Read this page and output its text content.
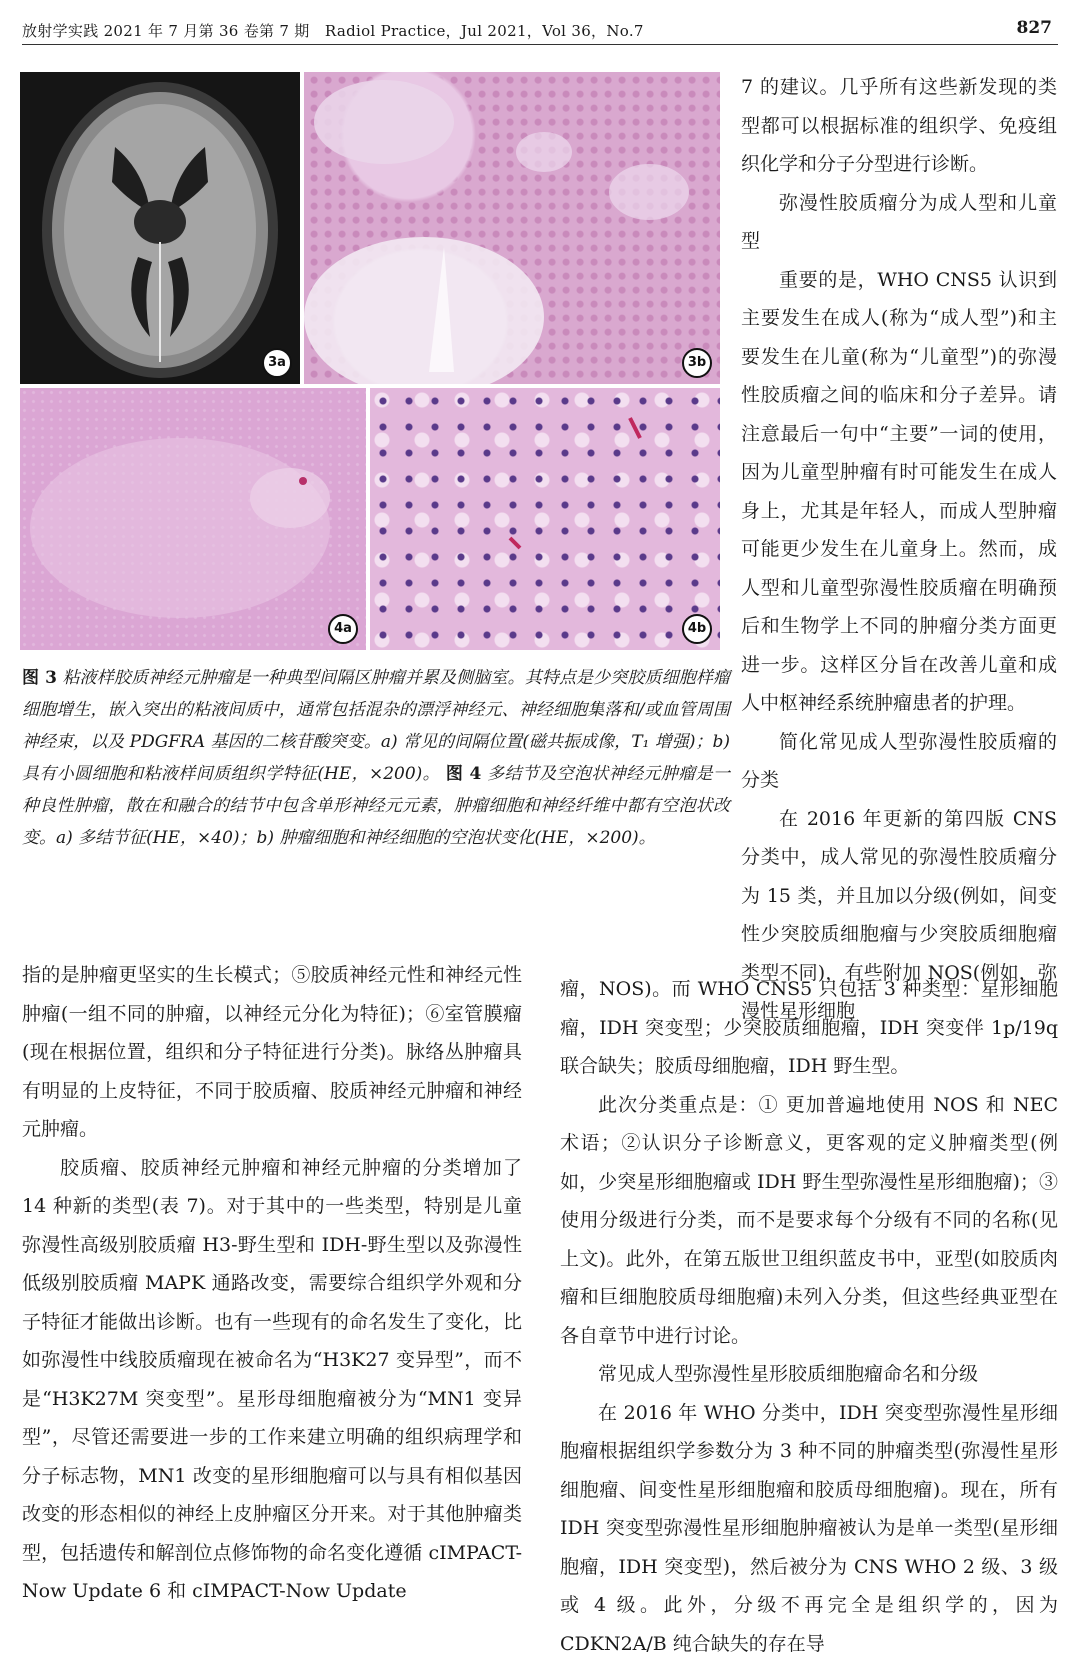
放射学实践 2021 年 7 月第 36 卷第 7 期　Radiol Practice，Jul 2021，Vol 36，No.7	827
3a	3b
4a	4b

7 的建议。几乎所有这些新发现的类型都可以根据标准的组织学、免疫组织化学和分子分型进行诊断。

弥漫性胶质瘤分为成人型和儿童型

重要的是，WHO CNS5 认识到主要发生在成人(称为“成人型”)和主要发生在儿童(称为“儿童型”)的弥漫性胶质瘤之间的临床和分子差异。请注意最后一句中“主要”一词的使用，因为儿童型肿瘤有时可能发生在成人身上，尤其是年轻人，而成人型肿瘤可能更少发生在儿童身上。然而，成人型和儿童型弥漫性胶质瘤在明确预后和生物学上不同的肿瘤分类方面更进一步。这样区分旨在改善儿童和成人中枢神经系统肿瘤患者的护理。

简化常见成人型弥漫性胶质瘤的分类

在 2016 年更新的第四版 CNS 分类中，成人常见的弥漫性胶质瘤分为 15 类，并且加以分级(例如，间变性少突胶质细胞瘤与少突胶质细胞瘤类型不同)，有些附加 NOS(例如，弥漫性星形细胞

图 3 粘液样胶质神经元肿瘤是一种典型间隔区肿瘤并累及侧脑室。其特点是少突胶质细胞样瘤细胞增生，嵌入突出的粘液间质中，通常包括混杂的漂浮神经元、神经细胞集落和/或血管周围神经束，以及 PDGFRA 基因的二核苷酸突变。a) 常见的间隔位置(磁共振成像，T₁ 增强)；b) 具有小圆细胞和粘液样间质组织学特征(HE，×200)。 图 4 多结节及空泡状神经元肿瘤是一种良性肿瘤，散在和融合的结节中包含单形神经元元素，肿瘤细胞和神经纤维中都有空泡状改变。a) 多结节征(HE，×40)；b) 肿瘤细胞和神经细胞的空泡状变化(HE，×200)。

指的是肿瘤更坚实的生长模式；⑤胶质神经元性和神经元性肿瘤(一组不同的肿瘤，以神经元分化为特征)；⑥室管膜瘤(现在根据位置，组织和分子特征进行分类)。脉络丛肿瘤具有明显的上皮特征，不同于胶质瘤、胶质神经元肿瘤和神经元肿瘤。

胶质瘤、胶质神经元肿瘤和神经元肿瘤的分类增加了 14 种新的类型(表 7)。对于其中的一些类型，特别是儿童弥漫性高级别胶质瘤 H3-野生型和 IDH-野生型以及弥漫性低级别胶质瘤 MAPK 通路改变，需要综合组织学外观和分子特征才能做出诊断。也有一些现有的命名发生了变化，比如弥漫性中线胶质瘤现在被命名为“H3K27 变异型”，而不是“H3K27M 突变型”。星形母细胞瘤被分为“MN1 变异型”，尽管还需要进一步的工作来建立明确的组织病理学和分子标志物，MN1 改变的星形细胞瘤可以与具有相似基因改变的形态相似的神经上皮肿瘤区分开来。对于其他肿瘤类型，包括遗传和解剖位点修饰物的命名变化遵循 cIMPACT-Now Update 6 和 cIMPACT-Now Update

瘤，NOS)。而 WHO CNS5 只包括 3 种类型：星形细胞瘤，IDH 突变型；少突胶质细胞瘤，IDH 突变伴 1p/19q 联合缺失；胶质母细胞瘤，IDH 野生型。

此次分类重点是：① 更加普遍地使用 NOS 和 NEC 术语；②认识分子诊断意义，更客观的定义肿瘤类型(例如，少突星形细胞瘤或 IDH 野生型弥漫性星形细胞瘤)；③使用分级进行分类，而不是要求每个分级有不同的名称(见上文)。此外，在第五版世卫组织蓝皮书中，亚型(如胶质肉瘤和巨细胞胶质母细胞瘤)未列入分类，但这些经典亚型在各自章节中进行讨论。

常见成人型弥漫性星形胶质细胞瘤命名和分级

在 2016 年 WHO 分类中，IDH 突变型弥漫性星形细胞瘤根据组织学参数分为 3 种不同的肿瘤类型(弥漫性星形细胞瘤、间变性星形细胞瘤和胶质母细胞瘤)。现在，所有 IDH 突变型弥漫性星形细胞肿瘤被认为是单一类型(星形细胞瘤，IDH 突变型)，然后被分为 CNS WHO 2 级、3 级或 4 级。此外，分级不再完全是组织学的，因为 CDKN2A/B 纯合缺失的存在导
